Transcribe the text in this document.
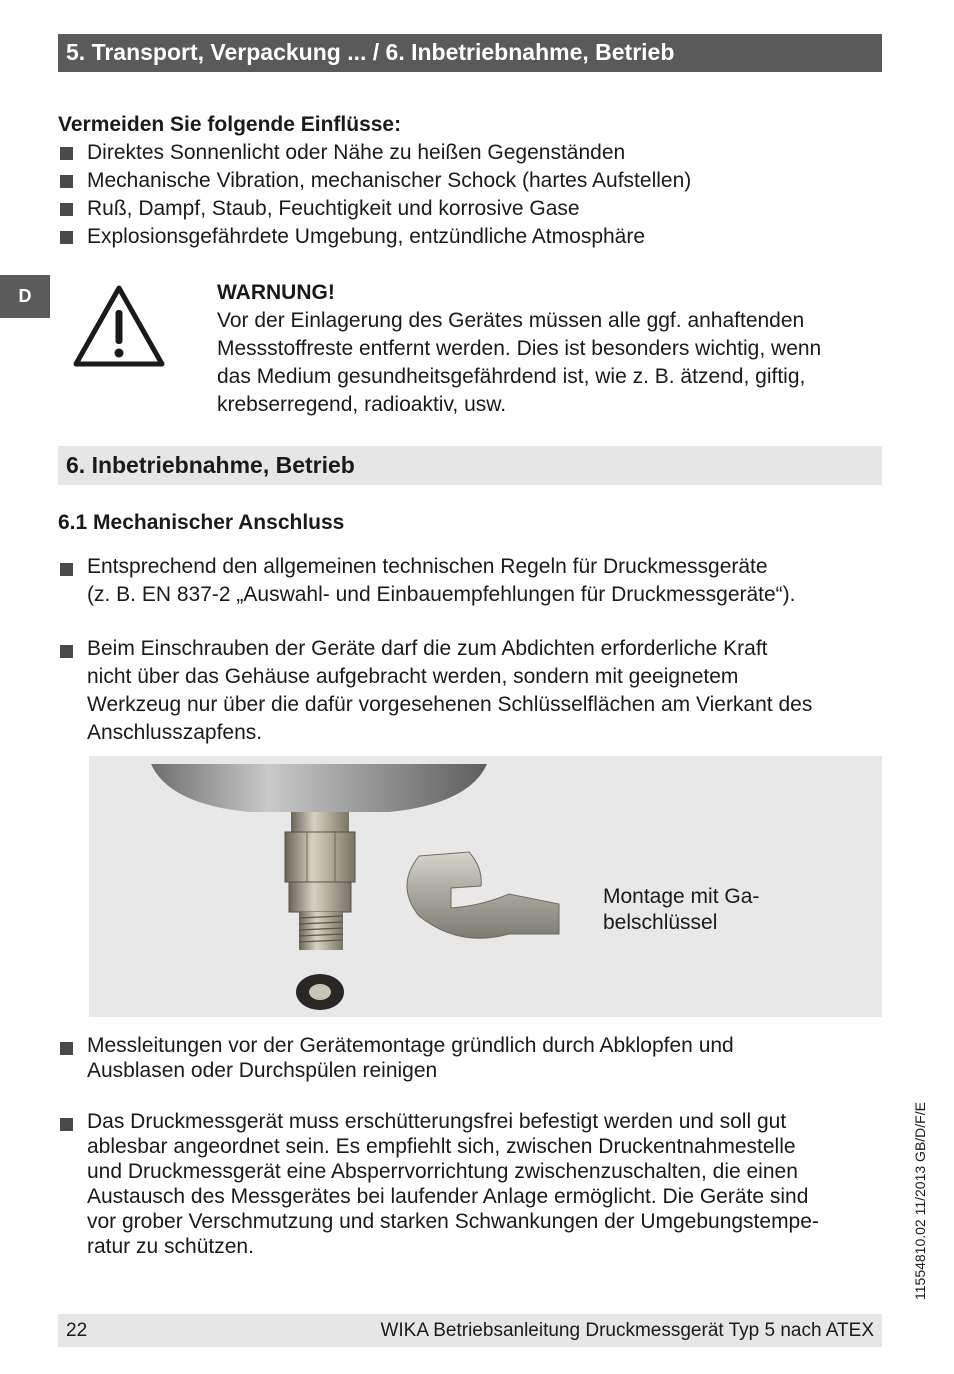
5. Transport, Verpackung ... / 6. Inbetriebnahme, Betrieb
D
Vermeiden Sie folgende Einflüsse:
Direktes Sonnenlicht oder Nähe zu heißen Gegenständen
Mechanische Vibration, mechanischer Schock (hartes Aufstellen)
Ruß, Dampf, Staub, Feuchtigkeit und korrosive Gase
Explosionsgefährdete Umgebung, entzündliche Atmosphäre
WARNUNG!
Vor der Einlagerung des Gerätes müssen alle ggf. anhaftenden
Messstoffreste entfernt werden. Dies ist besonders wichtig, wenn
das Medium gesundheitsgefährdend ist, wie z. B. ätzend, giftig,
krebserregend, radioaktiv, usw.
6. Inbetriebnahme, Betrieb
6.1 Mechanischer Anschluss
Entsprechend den allgemeinen technischen Regeln für Druckmessgeräte
(z. B. EN 837-2 „Auswahl- und Einbauempfehlungen für Druckmessgeräte“).
Beim Einschrauben der Geräte darf die zum Abdichten erforderliche Kraft
nicht über das Gehäuse aufgebracht werden, sondern mit geeignetem
Werkzeug nur über die dafür vorgesehenen Schlüsselflächen am Vierkant des
Anschlusszapfens.
Montage mit Ga-
belschlüssel
Messleitungen vor der Gerätemontage gründlich durch Abklopfen und
Ausblasen oder Durchspülen reinigen
Das Druckmessgerät muss erschütterungsfrei befestigt werden und soll gut
ablesbar angeordnet sein. Es empfiehlt sich, zwischen Druckentnahmestelle
und Druckmessgerät eine Absperrvorrichtung zwischenzuschalten, die einen
Austausch des Messgerätes bei laufender Anlage ermöglicht. Die Geräte sind
vor grober Verschmutzung und starken Schwankungen der Umgebungstempe-
ratur zu schützen.	11554810.02 11/2013 GB/D/F/E
22	WIKA Betriebsanleitung Druckmessgerät Typ 5 nach ATEX
